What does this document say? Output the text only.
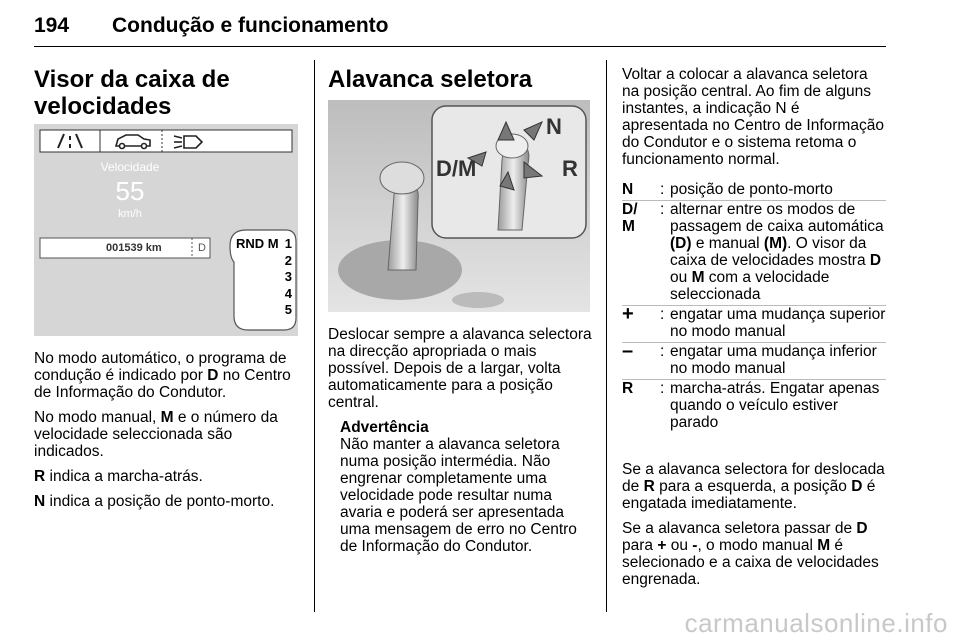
194 Condução e funcionamento
Visor da caixa de
velocidades
Velocidade
55
km/h
001539 km	D RND M 1
2
3
4
5

No modo automático, o programa de condução é indicado por D no Centro de Informação do Condutor.

No modo manual, M e o número da velocidade seleccionada são indicados.

R indica a marcha-atrás.

N indica a posição de ponto-morto.

Alavanca seletora
D/M
N
R

Deslocar sempre a alavanca selectora na direcção apropriada o mais possível. Depois de a largar, volta automaticamente para a posição central.

Advertência
Não manter a alavanca seletora numa posição intermédia. Não engrenar completamente uma velocidade pode resultar numa avaria e poderá ser apresentada uma mensagem de erro no Centro de Informação do Condutor.
Voltar a colocar a alavanca seletora na posição central. Ao fim de alguns instantes, a indicação N é apresentada no Centro de Informação do Condutor e o sistema retoma o funcionamento normal.
N	: posição de ponto-morto
D/
M
: alternar entre os modos de passagem de caixa automática (D) e manual (M). O visor da caixa de velocidades mostra D ou M com a velocidade seleccionada
+	: engatar uma mudança superior no modo manual
–	: engatar uma mudança inferior no modo manual
R	: marcha-atrás. Engatar apenas quando o veículo estiver parado

Se a alavanca selectora for deslocada de R para a esquerda, a posição D é engatada imediatamente.

Se a alavanca seletora passar de D para + ou -, o modo manual M é selecionado e a caixa de velocidades engrenada.

carmanualsonline.info
